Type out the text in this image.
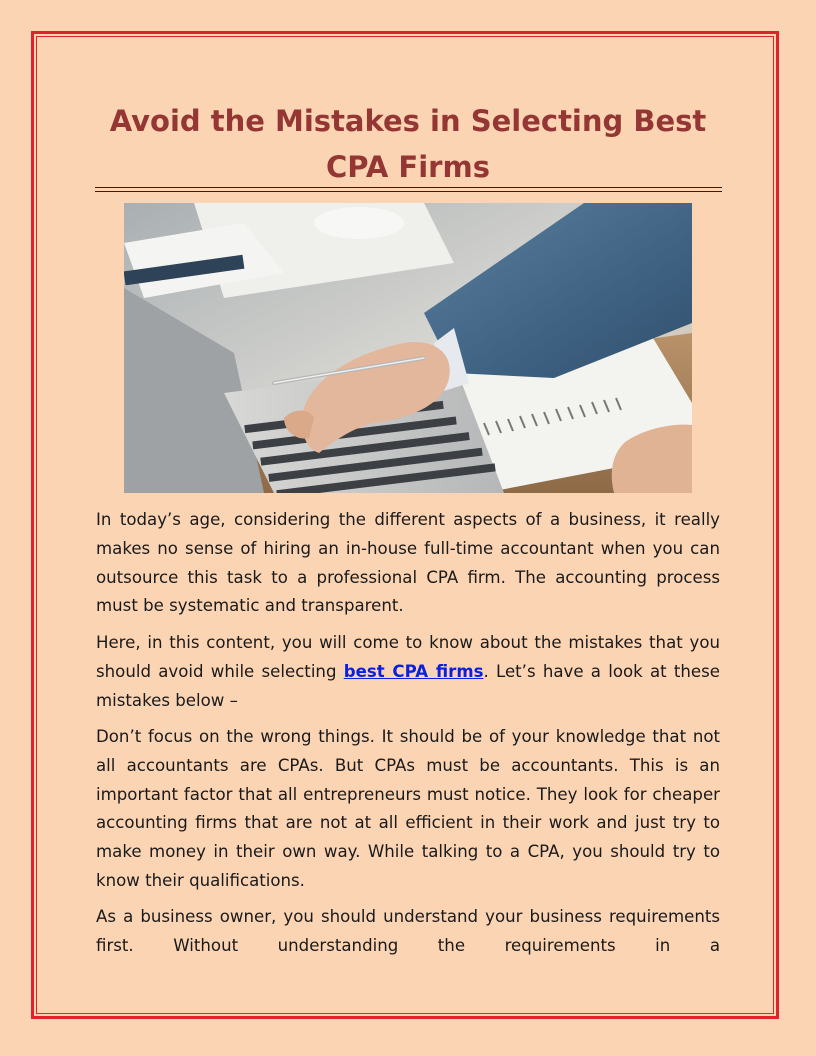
Avoid the Mistakes in Selecting Best CPA Firms

In today’s age, considering the different aspects of a business, it really makes no sense of hiring an in-house full-time accountant when you can outsource this task to a professional CPA firm. The accounting process must be systematic and transparent.

Here, in this content, you will come to know about the mistakes that you should avoid while selecting best CPA firms. Let’s have a look at these mistakes below –

Don’t focus on the wrong things. It should be of your knowledge that not all accountants are CPAs. But CPAs must be accountants. This is an important factor that all entrepreneurs must notice. They look for cheaper accounting firms that are not at all efficient in their work and just try to make money in their own way. While talking to a CPA, you should try to know their qualifications.

As a business owner, you should understand your business requirements first. Without understanding the requirements in a
